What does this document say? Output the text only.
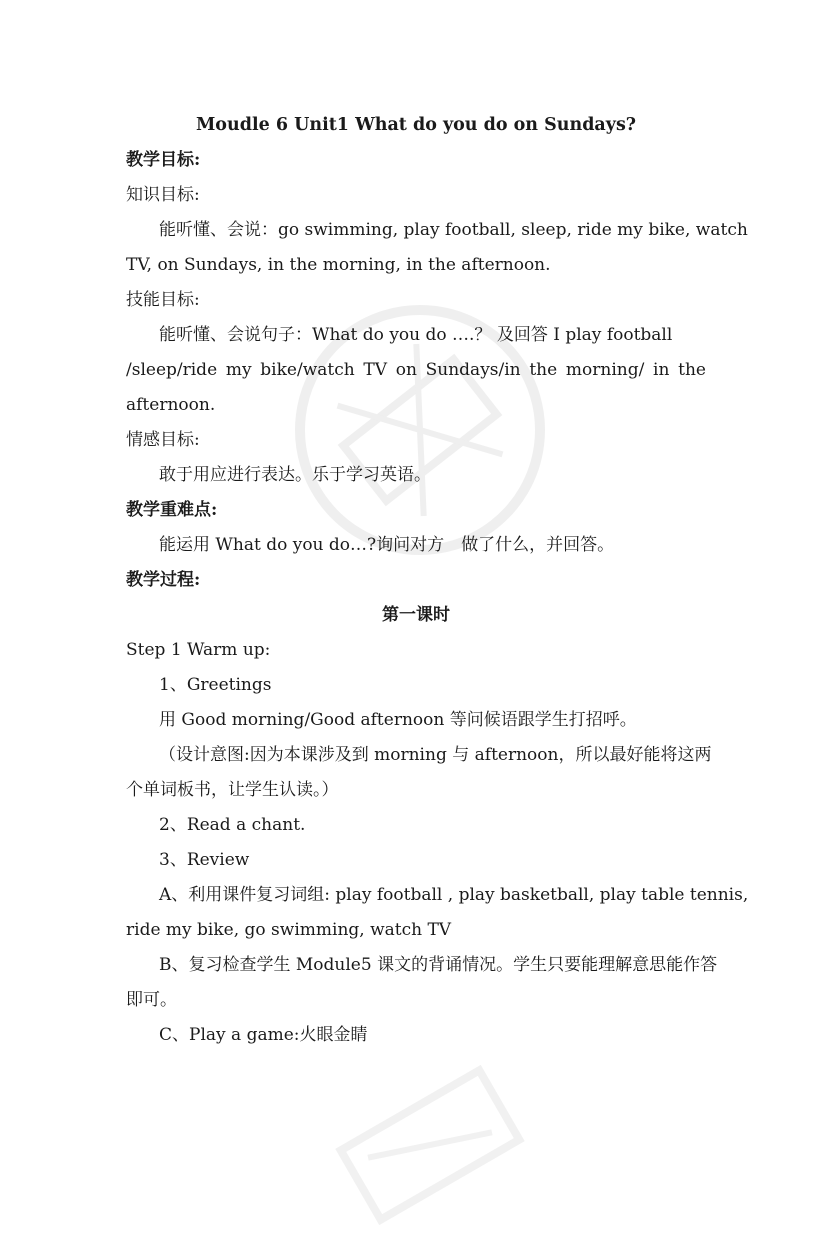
Moudle 6 Unit1 What do you do on Sundays?
教学目标:
知识目标:
能听懂、会说：go swimming, play football, sleep, ride my bike, watch
TV, on Sundays, in the morning, in the afternoon.
技能目标:
能听懂、会说句子：What do you do ….？ 及回答 I play football
/sleep/ride my bike/watch TV on Sundays/in the morning/ in the
afternoon.
情感目标:
敢于用应进行表达。乐于学习英语。
教学重难点:
能运用 What do you do…?询问对方　做了什么，并回答。
教学过程:
第一课时
Step 1 Warm up:
1、Greetings
用 Good morning/Good afternoon 等问候语跟学生打招呼。
（设计意图:因为本课涉及到 morning 与 afternoon，所以最好能将这两
个单词板书，让学生认读。）
2、Read a chant.
3、Review
A、利用课件复习词组: play football , play basketball, play table tennis,
ride my bike, go swimming, watch TV
B、复习检查学生 Module5 课文的背诵情况。学生只要能理解意思能作答
即可。
C、Play a game:火眼金睛
